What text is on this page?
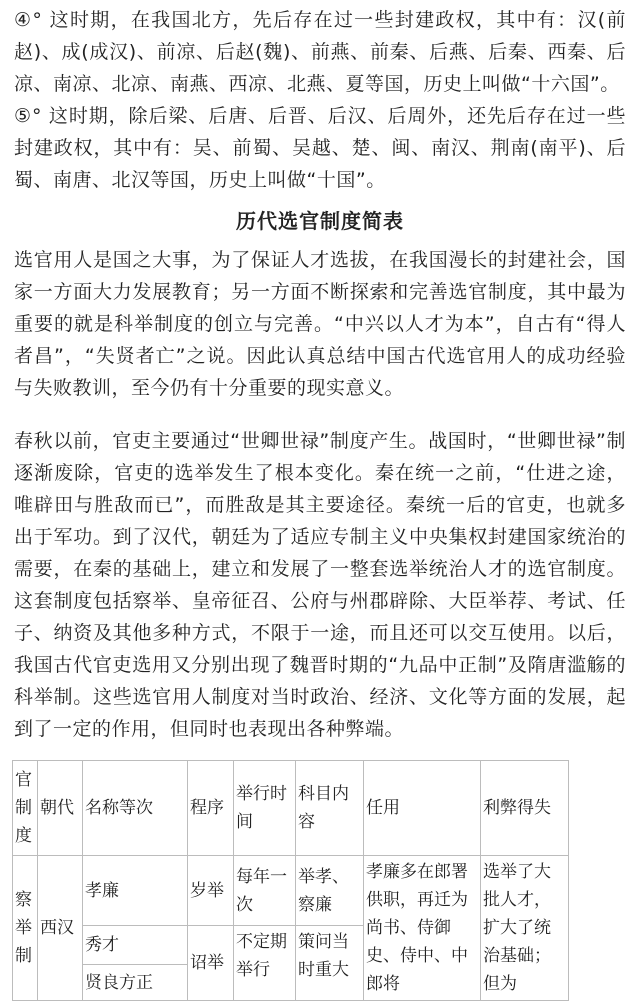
④° 这时期，在我国北方，先后存在过一些封建政权，其中有：汉(前赵)、成(成汉)、前凉、后赵(魏)、前燕、前秦、后燕、后秦、西秦、后凉、南凉、北凉、南燕、西凉、北燕、夏等国，历史上叫做“十六国”。

⑤° 这时期，除后梁、后唐、后晋、后汉、后周外，还先后存在过一些封建政权，其中有：吴、前蜀、吴越、楚、闽、南汉、荆南(南平)、后蜀、南唐、北汉等国，历史上叫做“十国”。

历代选官制度简表

选官用人是国之大事，为了保证人才选拔，在我国漫长的封建社会，国家一方面大力发展教育；另一方面不断探索和完善选官制度，其中最为重要的就是科举制度的创立与完善。“中兴以人才为本”，自古有“得人者昌”，“失贤者亡”之说。因此认真总结中国古代选官用人的成功经验与失败教训，至今仍有十分重要的现实意义。

春秋以前，官吏主要通过“世卿世禄”制度产生。战国时，“世卿世禄”制逐渐废除，官吏的选举发生了根本变化。秦在统一之前，“仕进之途，唯辟田与胜敌而已”，而胜敌是其主要途径。秦统一后的官吏，也就多出于军功。到了汉代，朝廷为了适应专制主义中央集权封建国家统治的需要，在秦的基础上，建立和发展了一整套选举统治人才的选官制度。这套制度包括察举、皇帝征召、公府与州郡辟除、大臣举荐、考试、任子、纳资及其他多种方式，不限于一途，而且还可以交互使用。以后，我国古代官吏选用又分别出现了魏晋时期的“九品中正制”及隋唐滥觞的科举制。这些选官用人制度对当时政治、经济、文化等方面的发展，起到了一定的作用，但同时也表现出各种弊端。

官制度	朝代	名称等次	程序	举行时间	科目内容	任用	利弊得失
察举制	西汉	孝廉	岁举	每年一次	举孝、察廉	孝廉多在郎署供职，再迁为尚书、侍御史、侍中、中郎将	选举了大批人才，扩大了统治基础；但为
		秀才	诏举	不定期举行	策问当时重大		
		贤良方正					
